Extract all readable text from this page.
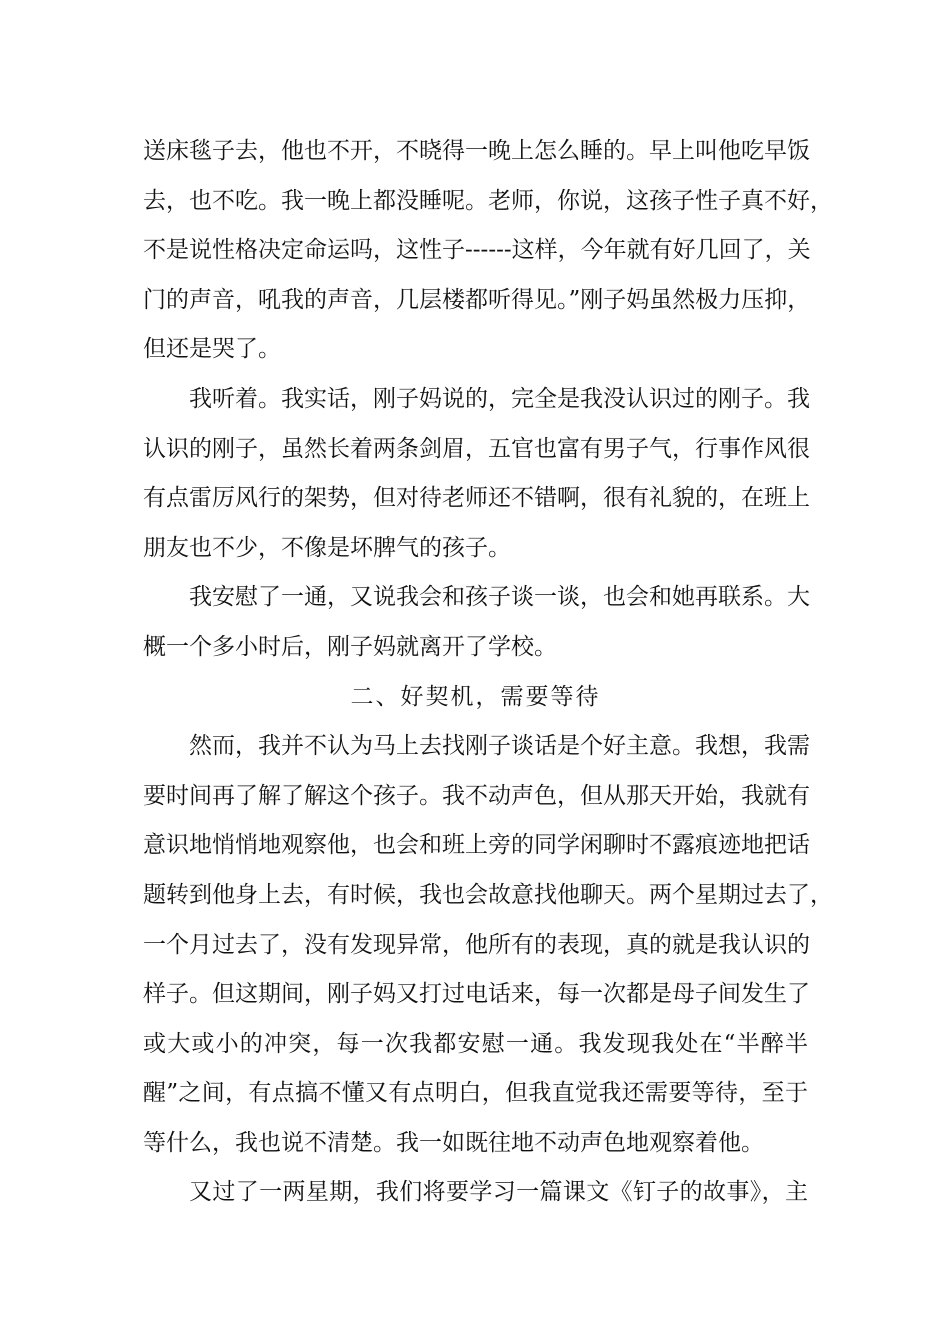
送床毯子去，他也不开，不晓得一晚上怎么睡的。早上叫他吃早饭
去，也不吃。我一晚上都没睡呢。老师，你说，这孩子性子真不好，
不是说性格决定命运吗，这性子------这样，今年就有好几回了，关
门的声音，吼我的声音，几层楼都听得见。”刚子妈虽然极力压抑，
但还是哭了。
我听着。我实话，刚子妈说的，完全是我没认识过的刚子。我
认识的刚子，虽然长着两条剑眉，五官也富有男子气，行事作风很
有点雷厉风行的架势，但对待老师还不错啊，很有礼貌的，在班上
朋友也不少，不像是坏脾气的孩子。
我安慰了一通，又说我会和孩子谈一谈，也会和她再联系。大
概一个多小时后，刚子妈就离开了学校。
二、好契机，需要等待
然而，我并不认为马上去找刚子谈话是个好主意。我想，我需
要时间再了解了解这个孩子。我不动声色，但从那天开始，我就有
意识地悄悄地观察他，也会和班上旁的同学闲聊时不露痕迹地把话
题转到他身上去，有时候，我也会故意找他聊天。两个星期过去了，
一个月过去了，没有发现异常，他所有的表现，真的就是我认识的
样子。但这期间，刚子妈又打过电话来，每一次都是母子间发生了
或大或小的冲突，每一次我都安慰一通。我发现我处在“半醉半
醒”之间，有点搞不懂又有点明白，但我直觉我还需要等待，至于
等什么，我也说不清楚。我一如既往地不动声色地观察着他。
又过了一两星期，我们将要学习一篇课文《钉子的故事》，主
